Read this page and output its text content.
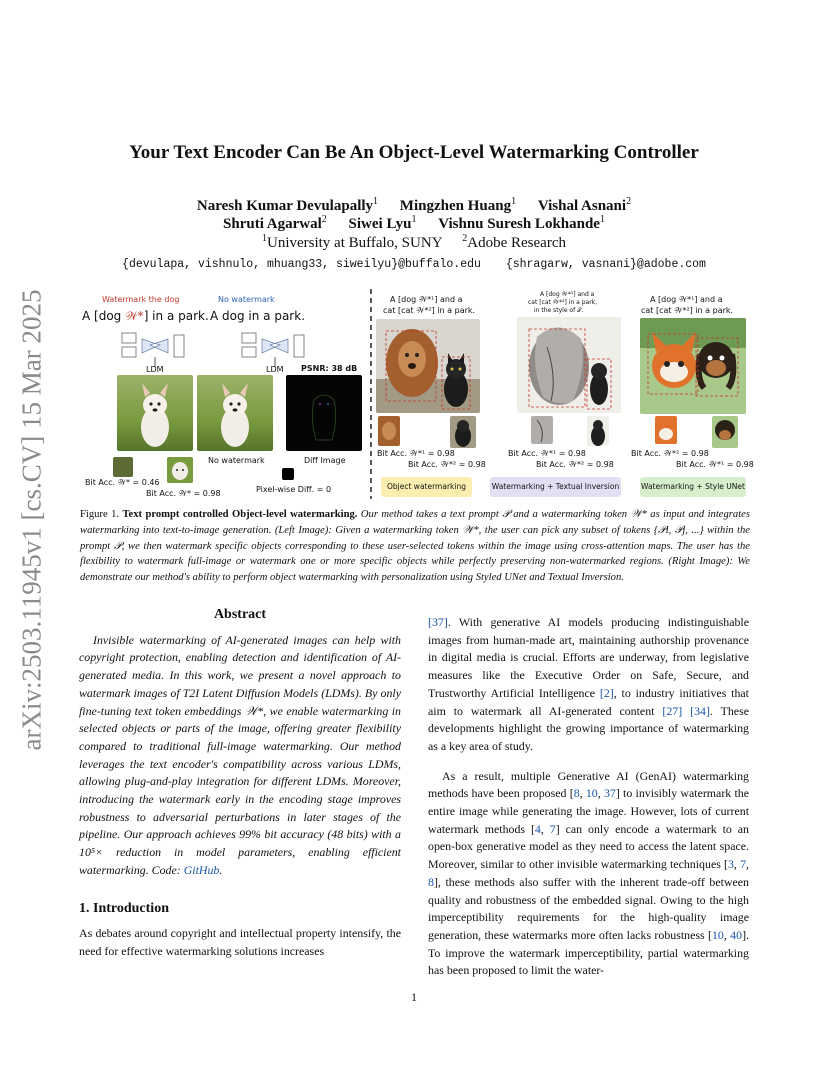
arXiv:2503.11945v1 [cs.CV] 15 Mar 2025
Your Text Encoder Can Be An Object-Level Watermarking Controller
Naresh Kumar Devulapally$^1$ Mingzhen Huang$^1$ Vishal Asnani$^2$
Shruti Agarwal$^2$ Siwei Lyu$^1$ Vishnu Suresh Lokhande$^1$
$^1$University at Buffalo, SUNY $^2$Adobe Research
{devulapa, vishnulo, mhuang33, siweilyu}@buffalo.edu {shragarw, vasnani}@adobe.com
Watermark the dog	No watermark
A [dog 𝒲*] in a park. A dog in a park.
LDM	LDM PSNR: 38 dB
No watermark	Diff Image
Bit Acc. 𝒲* = 0.46
Bit Acc. 𝒲* = 0.98	Pixel-wise Diff. = 0
A [dog 𝒲*¹] and a
cat [cat 𝒲*²] in a park.
Bit Acc. 𝒲*¹ = 0.98
Bit Acc. 𝒲*² = 0.98
Object watermarking
A [dog 𝒲*¹] and a
cat [cat 𝒲*²] in a park,
in the style of 𝒯.
Bit Acc. 𝒲*¹ = 0.98
Bit Acc. 𝒲*² = 0.98
Watermarking + Textual Inversion
A [dog 𝒲*¹] and a
cat [cat 𝒲*²] in a park.
Bit Acc. 𝒲*² = 0.98
Bit Acc. 𝒲*¹ = 0.98
Watermarking + Style UNet
Figure 1. Text prompt controlled Object-level watermarking. Our method takes a text prompt 𝒫 and a watermarking token 𝒲* as input and integrates watermarking into text-to-image generation. (Left Image): Given a watermarking token 𝒲*, the user can pick any subset of tokens {𝒫i, 𝒫j, ...} within the prompt 𝒫, we then watermark specific objects corresponding to these user-selected tokens within the image using cross-attention maps. The user has the flexibility to watermark full-image or watermark one or more specific objects while perfectly preserving non-watermarked regions. (Right Image): We demonstrate our method's ability to perform object watermarking with personalization using Styled UNet and Textual Inversion.
Abstract

Invisible watermarking of AI-generated images can help with copyright protection, enabling detection and identification of AI-generated media. In this work, we present a novel approach to watermark images of T2I Latent Diffusion Models (LDMs). By only fine-tuning text token embeddings 𝒲*, we enable watermarking in selected objects or parts of the image, offering greater flexibility compared to traditional full-image watermarking. Our method leverages the text encoder's compatibility across various LDMs, allowing plug-and-play integration for different LDMs. Moreover, introducing the watermark early in the encoding stage improves robustness to adversarial perturbations in later stages of the pipeline. Our approach achieves 99% bit accuracy (48 bits) with a 10⁵× reduction in model parameters, enabling efficient watermarking. Code: GitHub.

1. Introduction

As debates around copyright and intellectual property intensify, the need for effective watermarking solutions increases

[37]. With generative AI models producing indistinguishable images from human-made art, maintaining authorship provenance in digital media is crucial. Efforts are underway, from legislative measures like the Executive Order on Safe, Secure, and Trustworthy Artificial Intelligence [2], to industry initiatives that aim to watermark all AI-generated content [27] [34]. These developments highlight the growing importance of watermarking as a key area of study.

As a result, multiple Generative AI (GenAI) watermarking methods have been proposed [8, 10, 37] to invisibly watermark the entire image while generating the image. However, lots of current watermark methods [4, 7] can only encode a watermark to an open-box generative model as they need to access the latent space. Moreover, similar to other invisible watermarking techniques [3, 7, 8], these methods also suffer with the inherent trade-off between quality and robustness of the embedded signal. Owing to the high imperceptibility requirements for the high-quality image generation, these watermarks more often lacks robustness [10, 40]. To improve the watermark imperceptibility, partial watermarking has been proposed to limit the water-

1
